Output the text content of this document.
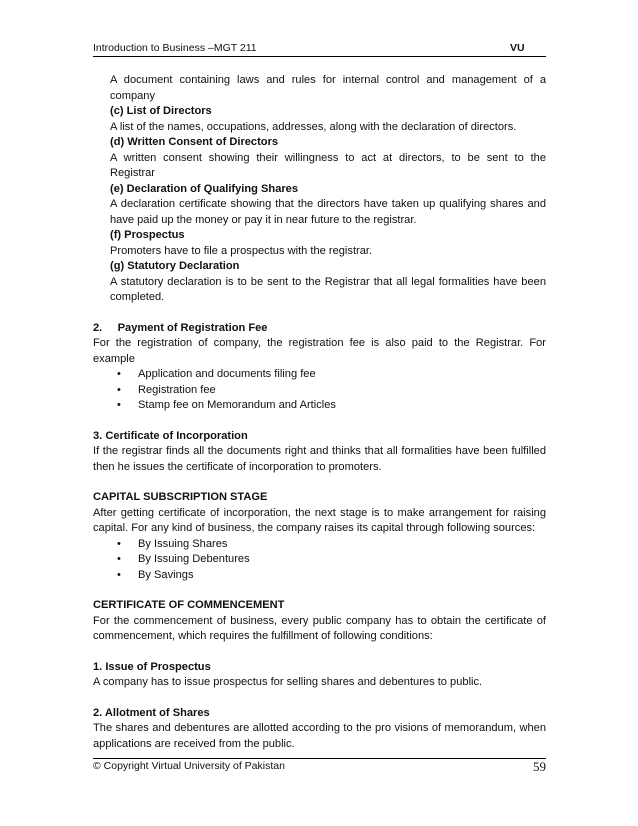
Introduction to Business –MGT 211	VU

A document containing laws and rules for internal control and management of a

company

(c) List of Directors

A list of the names, occupations, addresses, along with the declaration of directors.

(d) Written Consent of Directors

A written consent showing their willingness to act at directors, to be sent to the

Registrar

(e) Declaration of Qualifying Shares

A declaration certificate showing that the directors have taken up qualifying shares and

have paid up the money or pay it in near future to the registrar.

(f) Prospectus

Promoters have to file a prospectus with the registrar.

(g) Statutory Declaration

A statutory declaration is to be sent to the Registrar that all legal formalities have been

completed.

2.     Payment of Registration Fee

For the registration of company, the registration fee is also paid to the Registrar. For

example

• Application and documents filing fee
• Registration fee
• Stamp fee on Memorandum and Articles

3. Certificate of Incorporation

If the registrar finds all the documents right and thinks that all formalities have been fulfilled

then he issues the certificate of incorporation to promoters.

CAPITAL SUBSCRIPTION STAGE

After getting certificate of incorporation, the next stage is to make arrangement for raising

capital. For any kind of business, the company raises its capital through following sources:

• By Issuing Shares
• By Issuing Debentures
• By Savings

CERTIFICATE OF COMMENCEMENT

For the commencement of business, every public company has to obtain the certificate of

commencement, which requires the fulfillment of following conditions:

1. Issue of Prospectus

A company has to issue prospectus for selling shares and debentures to public.

2. Allotment of Shares

The shares and debentures are allotted according to the pro visions of memorandum, when

applications are received from the public.

© Copyright Virtual University of Pakistan	59
